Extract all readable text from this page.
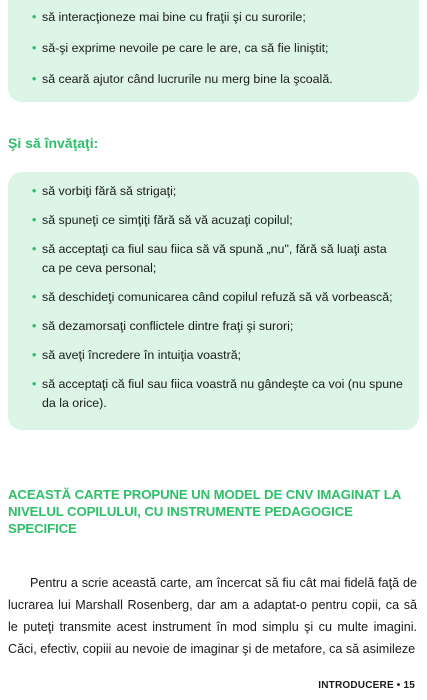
• să interacţioneze mai bine cu fraţii şi cu surorile;
• să-şi exprime nevoile pe care le are, ca să fie liniştit;
• să ceară ajutor când lucrurile nu merg bine la şcoală.
Şi să învăţaţi:
• să vorbiţi fără să strigaţi;
• să spuneţi ce simţiţi fără să vă acuzaţi copilul;
• să acceptaţi ca fiul sau fiica să vă spună „nu", fără să luaţi asta ca pe ceva personal;
• să deschideţi comunicarea când copilul refuză să vă vorbească;
• să dezamorsaţi conflictele dintre fraţi şi surori;
• să aveţi încredere în intuiţia voastră;
• să acceptaţi că fiul sau fiica voastră nu gândeşte ca voi (nu spune da la orice).
ACEASTĂ CARTE PROPUNE UN MODEL DE CNV IMAGINAT LA NIVELUL COPILULUI, CU INSTRUMENTE PEDAGOGICE SPECIFICE

Pentru a scrie această carte, am încercat să fiu cât mai fidelă faţă de lucrarea lui Marshall Rosenberg, dar am a adaptat-o pentru copii, ca să le puteţi transmite acest instrument în mod simplu şi cu multe imagini. Căci, efectiv, copiii au nevoie de imaginar şi de metafore, ca să asimileze

INTRODUCERE • 15
